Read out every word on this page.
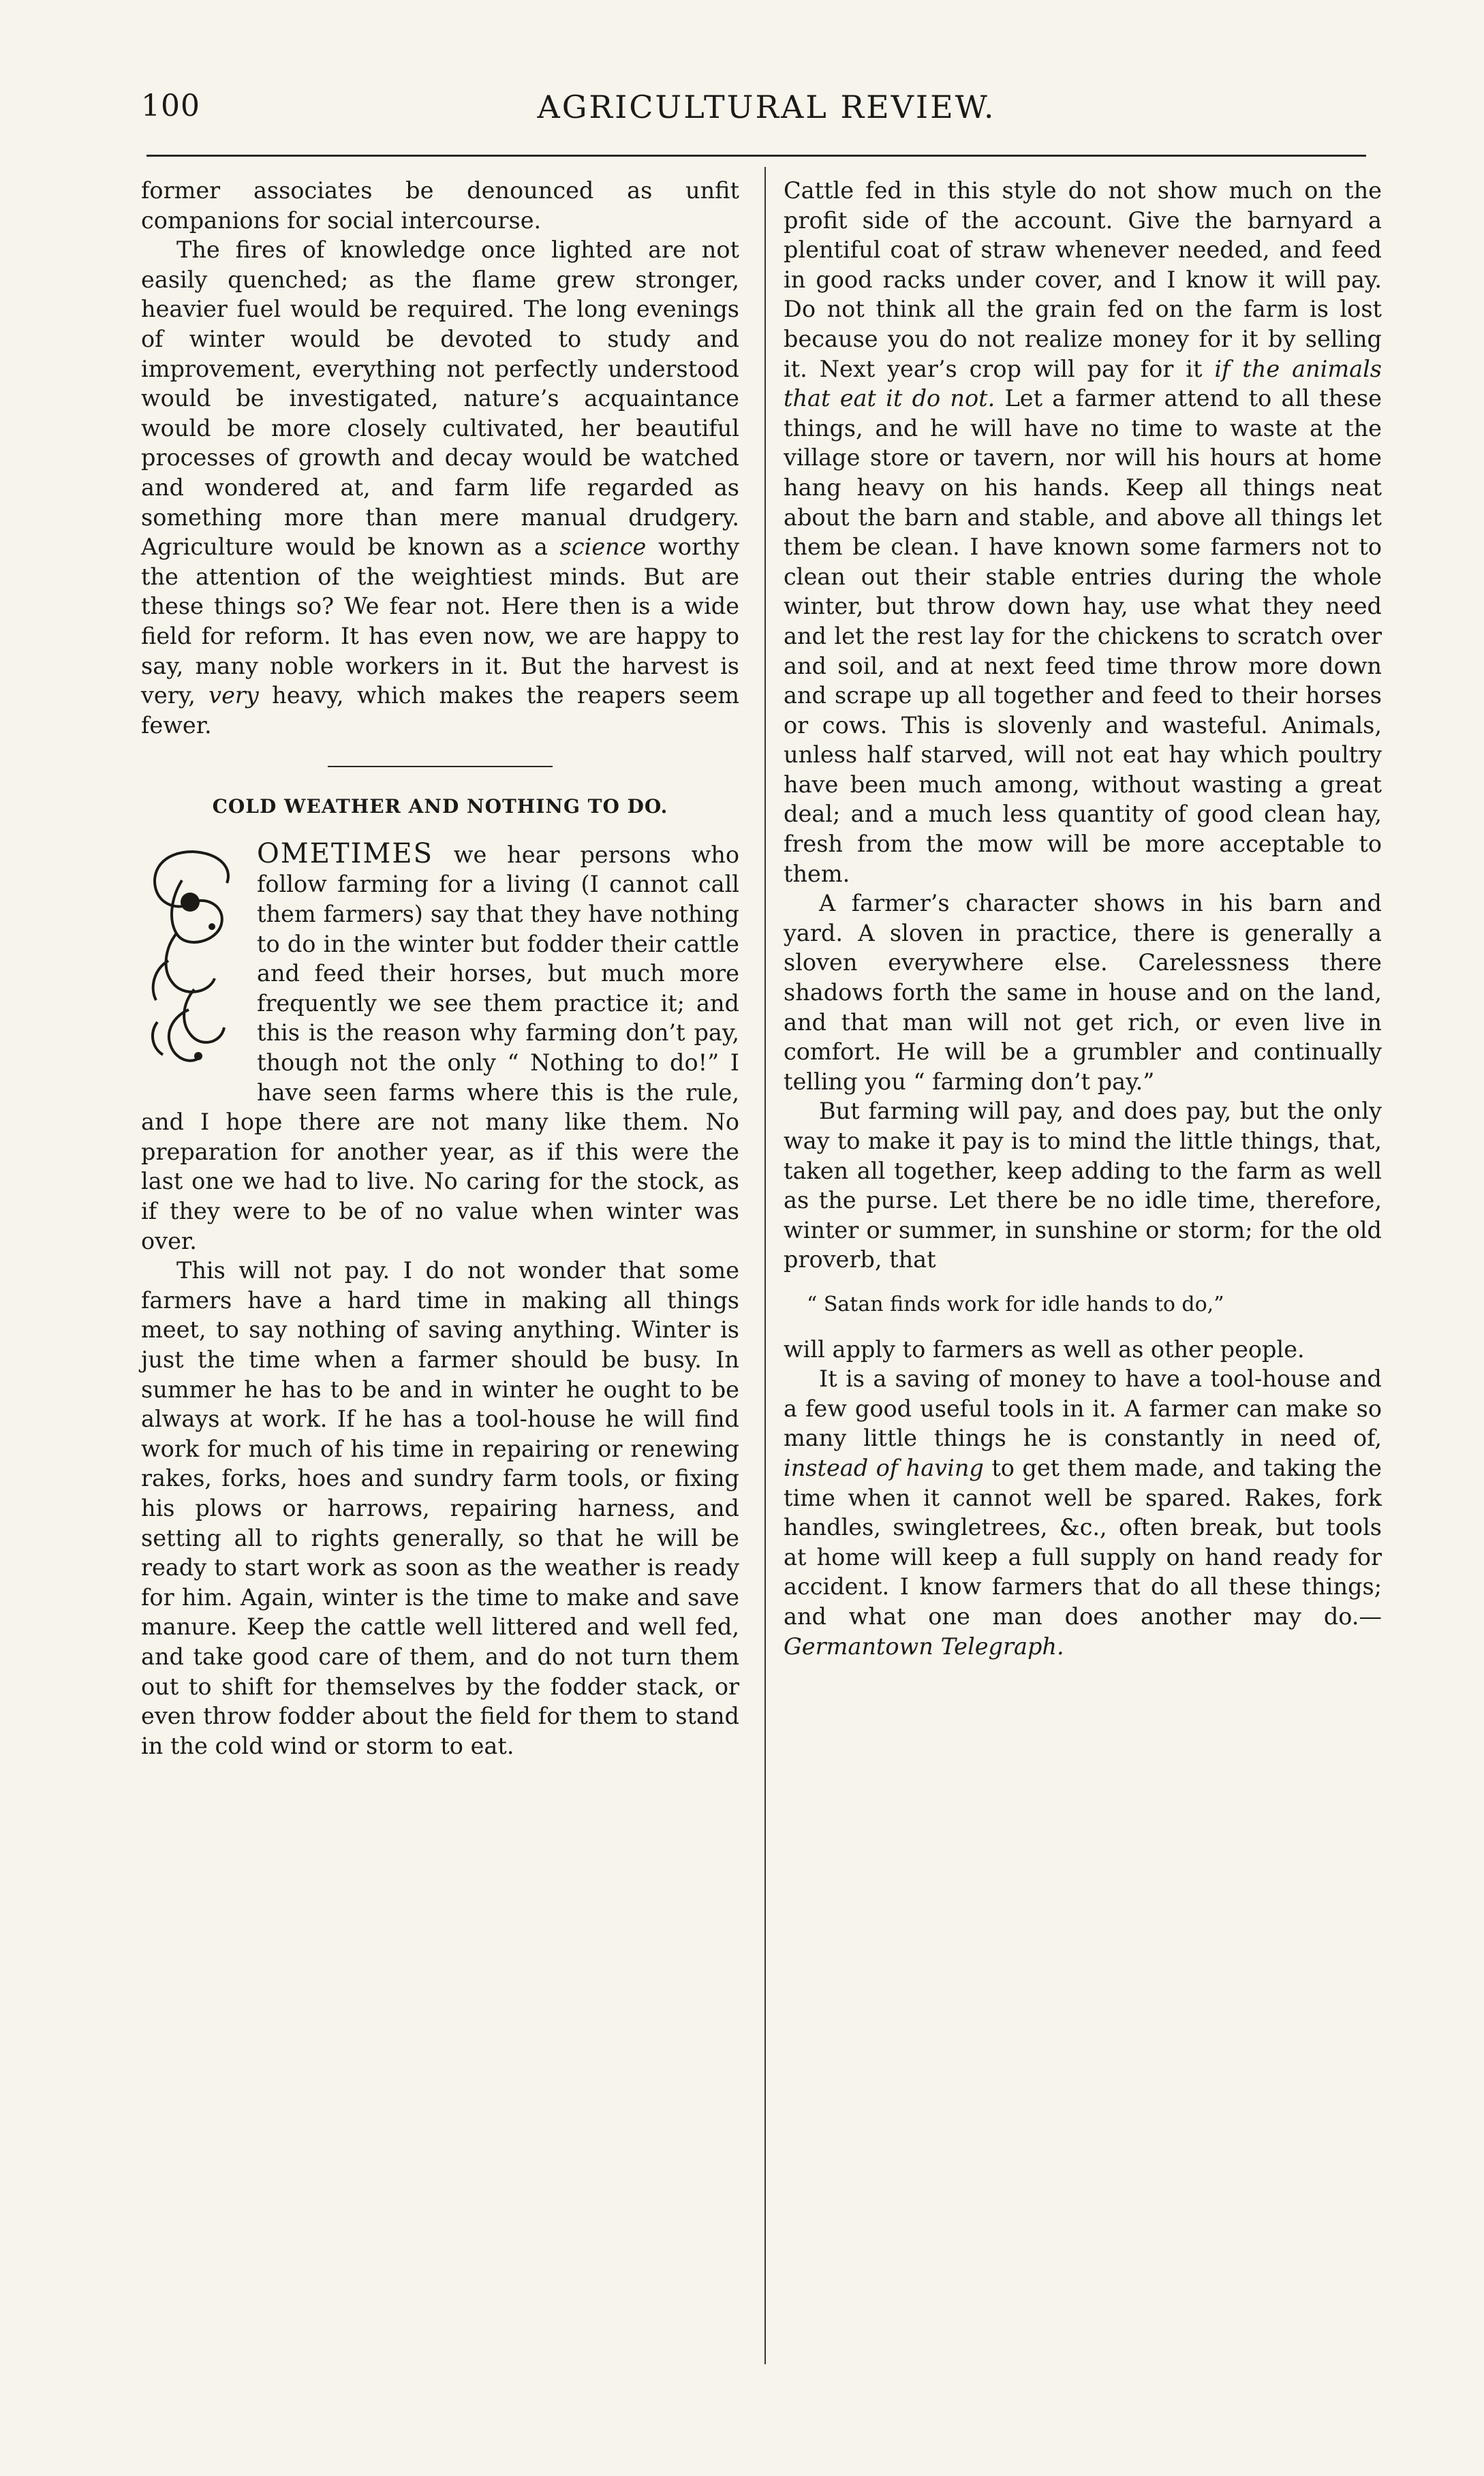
100	AGRICULTURAL REVIEW.

former associates be denounced as unfit companions for social intercourse.

The fires of knowledge once lighted are not easily quenched; as the flame grew stronger, heavier fuel would be required. The long evenings of winter would be devoted to study and improvement, everything not perfectly understood would be investigated, nature’s acquaintance would be more closely cultivated, her beautiful processes of growth and decay would be watched and wondered at, and farm life regarded as something more than mere manual drudgery. Agriculture would be known as a science worthy the attention of the weightiest minds. But are these things so? We fear not. Here then is a wide field for reform. It has even now, we are happy to say, many noble workers in it. But the harvest is very, very heavy, which makes the reapers seem fewer.

COLD WEATHER AND NOTHING TO DO.

OMETIMES we hear persons who follow farming for a living (I cannot call them farmers) say that they have nothing to do in the winter but fodder their cattle and feed their horses, but much more frequently we see them practice it; and this is the reason why farming don’t pay, though not the only “ Nothing to do!” I have seen farms where this is the rule, and I hope there are not many like them. No preparation for another year, as if this were the last one we had to live. No caring for the stock, as if they were to be of no value when winter was over.

This will not pay. I do not wonder that some farmers have a hard time in making all things meet, to say nothing of saving anything. Winter is just the time when a farmer should be busy. In summer he has to be and in winter he ought to be always at work. If he has a tool-house he will find work for much of his time in repairing or renewing rakes, forks, hoes and sundry farm tools, or fixing his plows or harrows, repairing harness, and setting all to rights generally, so that he will be ready to start work as soon as the weather is ready for him. Again, winter is the time to make and save manure. Keep the cattle well littered and well fed, and take good care of them, and do not turn them out to shift for themselves by the fodder stack, or even throw fodder about the field for them to stand in the cold wind or storm to eat.

Cattle fed in this style do not show much on the profit side of the account. Give the barnyard a plentiful coat of straw whenever needed, and feed in good racks under cover, and I know it will pay. Do not think all the grain fed on the farm is lost because you do not realize money for it by selling it. Next year’s crop will pay for it if the animals that eat it do not. Let a farmer attend to all these things, and he will have no time to waste at the village store or tavern, nor will his hours at home hang heavy on his hands. Keep all things neat about the barn and stable, and above all things let them be clean. I have known some farmers not to clean out their stable entries during the whole winter, but throw down hay, use what they need and let the rest lay for the chickens to scratch over and soil, and at next feed time throw more down and scrape up all together and feed to their horses or cows. This is slovenly and wasteful. Animals, unless half starved, will not eat hay which poultry have been much among, without wasting a great deal; and a much less quantity of good clean hay, fresh from the mow will be more acceptable to them.

A farmer’s character shows in his barn and yard. A sloven in practice, there is generally a sloven everywhere else. Carelessness there shadows forth the same in house and on the land, and that man will not get rich, or even live in comfort. He will be a grumbler and continually telling you “ farming don’t pay.”

But farming will pay, and does pay, but the only way to make it pay is to mind the little things, that, taken all together, keep adding to the farm as well as the purse. Let there be no idle time, therefore, winter or summer, in sunshine or storm; for the old proverb, that

“ Satan finds work for idle hands to do,”

will apply to farmers as well as other people.

It is a saving of money to have a tool-house and a few good useful tools in it. A farmer can make so many little things he is constantly in need of, instead of having to get them made, and taking the time when it cannot well be spared. Rakes, fork handles, swingletrees, &c., often break, but tools at home will keep a full supply on hand ready for accident. I know farmers that do all these things; and what one man does another may do.—Germantown Telegraph.
